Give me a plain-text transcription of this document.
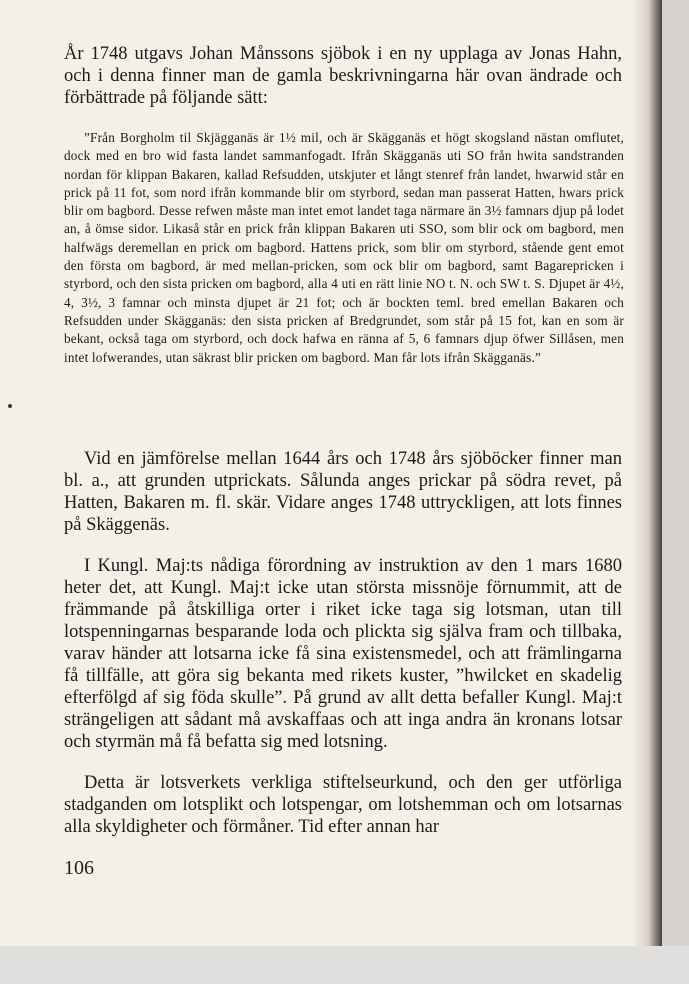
År 1748 utgavs Johan Månssons sjöbok i en ny upplaga av Jonas Hahn, och i denna finner man de gamla beskrivningarna här ovan ändrade och förbättrade på följande sätt:

”Från Borgholm til Skjägganäs är 1½ mil, och är Skägganäs et högt skogsland nästan omflutet, dock med en bro wid fasta landet sammanfogadt. Ifrån Skägganäs uti SO från hwita sandstranden nordan för klippan Bakaren, kallad Refsudden, utskjuter et långt stenref från landet, hwarwid står en prick på 11 fot, som nord ifrån kommande blir om styrbord, sedan man passerat Hatten, hwars prick blir om bagbord. Desse refwen måste man intet emot landet taga närmare än 3½ famnars djup på lodet an, å ömse sidor. Likaså står en prick från klippan Bakaren uti SSO, som blir ock om bagbord, men halfwägs deremellan en prick om bagbord. Hattens prick, som blir om styrbord, stående gent emot den första om bagbord, är med mellan-pricken, som ock blir om bagbord, samt Bagarepricken i styrbord, och den sista pricken om bagbord, alla 4 uti en rätt linie NO t. N. och SW t. S. Djupet är 4½, 4, 3½, 3 famnar och minsta djupet är 21 fot; och är bockten teml. bred emellan Bakaren och Refsudden under Skägganäs: den sista pricken af Bredgrundet, som står på 15 fot, kan en som är bekant, också taga om styrbord, och dock hafwa en ränna af 5, 6 famnars djup öfwer Sillåsen, men intet lofwerandes, utan säkrast blir pricken om bagbord. Man får lots ifrån Skägganäs.”

Vid en jämförelse mellan 1644 års och 1748 års sjöböcker finner man bl. a., att grunden utprickats. Sålunda anges prickar på södra revet, på Hatten, Bakaren m. fl. skär. Vidare anges 1748 uttryckligen, att lots finnes på Skäggenäs.

I Kungl. Maj:ts nådiga förordning av instruktion av den 1 mars 1680 heter det, att Kungl. Maj:t icke utan största missnöje förnummit, att de främmande på åtskilliga orter i riket icke taga sig lotsman, utan till lotspenningarnas besparande loda och plickta sig själva fram och tillbaka, varav händer att lotsarna icke få sina existensmedel, och att främlingarna få tillfälle, att göra sig bekanta med rikets kuster, ”hwilcket en skadelig efterfölgd af sig föda skulle”. På grund av allt detta befaller Kungl. Maj:t strängeligen att sådant må avskaffaas och att inga andra än kronans lotsar och styrmän må få befatta sig med lotsning.

Detta är lotsverkets verkliga stiftelseurkund, och den ger utförliga stadganden om lotsplikt och lotspengar, om lotshemman och om lotsarnas alla skyldigheter och förmåner. Tid efter annan har

106
